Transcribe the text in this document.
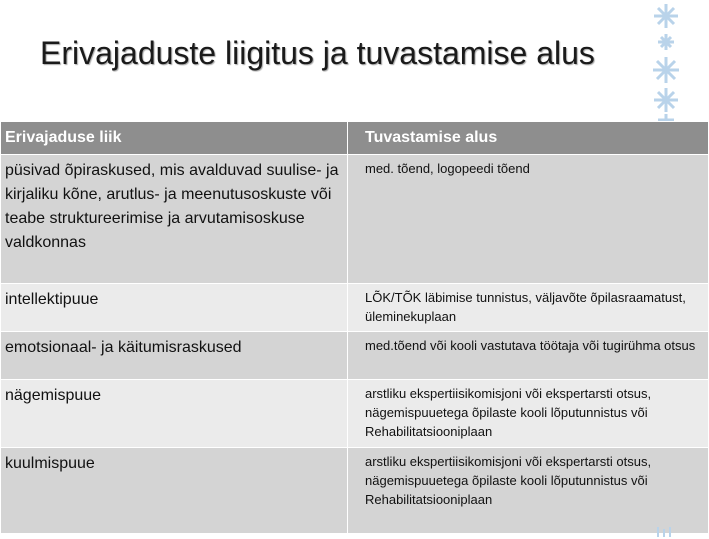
Erivajaduste liigitus ja tuvastamise alus
Erivajaduse liik	Tuvastamise alus
püsivad õpiraskused, mis avalduvad suulise- ja kirjaliku kõne, arutlus- ja meenutusoskuste või teabe struktureerimise ja arvutamisoskuse valdkonnas	med. tõend, logopeedi tõend
intellektipuue	LÕK/TÕK läbimise tunnistus, väljavõte õpilasraamatust, üleminekuplaan
emotsionaal- ja käitumisraskused	med.tõend või kooli vastutava töötaja või tugirühma otsus
nägemispuue	arstliku ekspertiisikomisjoni või ekspertarsti otsus, nägemispuuetega õpilaste kooli lõputunnistus või Rehabilitatsiooniplaan
kuulmispuue	arstliku ekspertiisikomisjoni või ekspertarsti otsus, nägemispuuetega õpilaste kooli lõputunnistus või Rehabilitatsiooniplaan
